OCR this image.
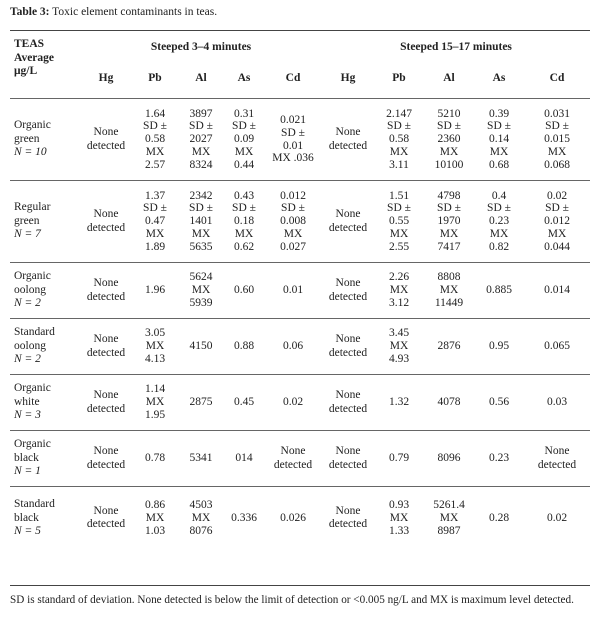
Table 3: Toxic element contaminants in teas.
TEAS
Average
μg/L	Steeped 3–4 minutes					Steeped 15–17 minutes				
	Hg	Pb	Al	As	Cd	Hg	Pb	Al	As	Cd
Organic
green
N = 10	None
detected	1.64
SD ±
0.58
MX
2.57	3897
SD ±
2027
MX
8324	0.31
SD ±
0.09
MX
0.44	0.021
SD ±
0.01
MX .036	None
detected	2.147
SD ±
0.58
MX
3.11	5210
SD ±
2360
MX
10100	0.39
SD ±
0.14
MX
0.68	0.031
SD ±
0.015
MX
0.068
Regular
green
N = 7	None
detected	1.37
SD ±
0.47
MX
1.89	2342
SD ±
1401
MX
5635	0.43
SD ±
0.18
MX
0.62	0.012
SD ±
0.008
MX
0.027	None
detected	1.51
SD ±
0.55
MX
2.55	4798
SD ±
1970
MX
7417	0.4
SD ±
0.23
MX
0.82	0.02
SD ±
0.012
MX
0.044
Organic
oolong
N = 2	None
detected	1.96	5624
MX
5939	0.60	0.01	None
detected	2.26
MX
3.12	8808
MX
11449	0.885	0.014
Standard
oolong
N = 2	None
detected	3.05
MX
4.13	4150	0.88	0.06	None
detected	3.45
MX
4.93	2876	0.95	0.065
Organic
white
N = 3	None
detected	1.14
MX
1.95	2875	0.45	0.02	None
detected	1.32	4078	0.56	0.03
Organic
black
N = 1	None
detected	0.78	5341	014	None
detected	None
detected	0.79	8096	0.23	None
detected
Standard
black
N = 5	None
detected	0.86
MX
1.03	4503
MX
8076	0.336	0.026	None
detected	0.93
MX
1.33	5261.4
MX
8987	0.28	0.02
SD is standard of deviation. None detected is below the limit of detection or <0.005 ng/L and MX is maximum level detected.
